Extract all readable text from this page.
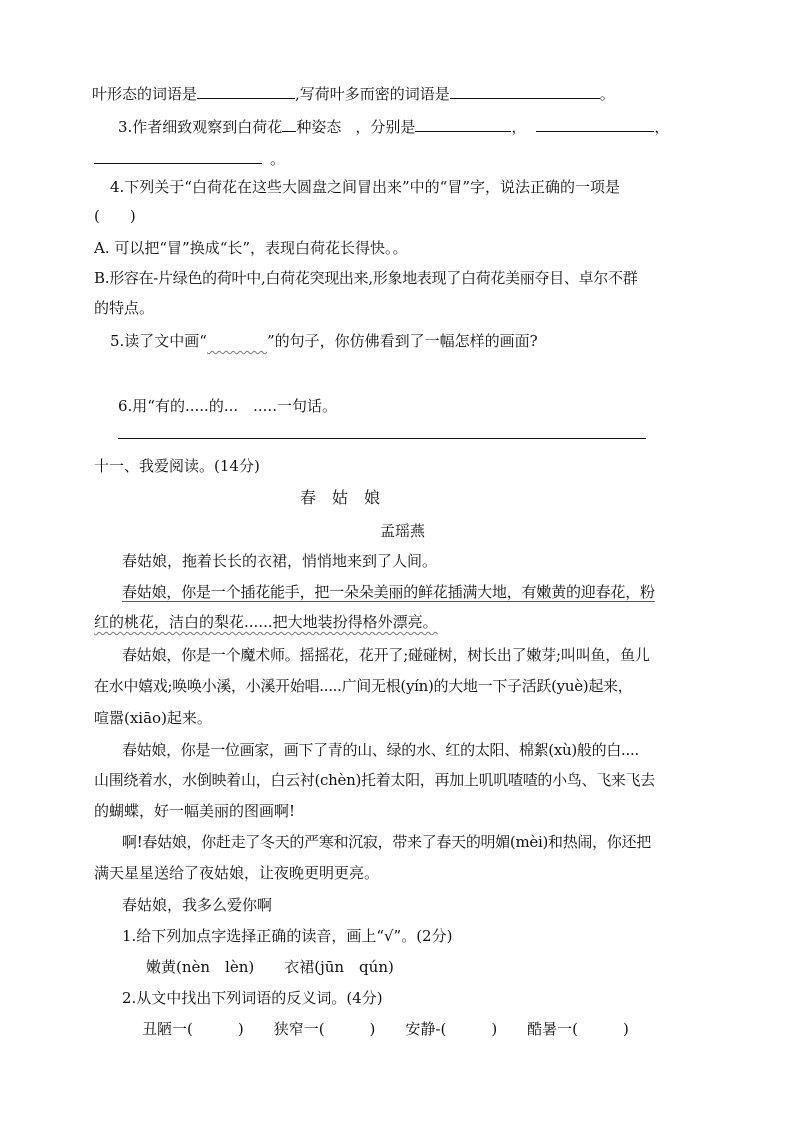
叶形态的词语是	,写荷叶多而密的词语是	。
3.作者细致观察到白荷花 种姿态 ，分别是	，	，
。
4.下列关于“白荷花在这些大圆盘之间冒出来”中的“冒”字，说法正确的一项是
(　　)
A. 可以把“冒”换成“长”，表现白荷花长得快。。
B.形容在-片绿色的荷叶中,白荷花突现出来,形象地表现了白荷花美丽夺目、卓尔不群
的特点。
5.读了文中画“　　　　	”的句子，你仿佛看到了一幅怎样的画面?
6.用“有的.....的...　.....一句话。
十一、我爱阅读。(14分)
春　姑　娘
孟瑶燕
春姑娘，拖着长长的衣裙，悄悄地来到了人间。
春姑娘，你是一个插花能手，把一朵朵美丽的鲜花插满大地，有嫩黄的迎春花，粉
红的桃花，洁白的梨花......把大地装扮得格外漂亮。
春姑娘，你是一个魔术师。摇摇花，花开了;碰碰树，树长出了嫩芽;叫叫鱼，鱼儿
在水中嬉戏;唤唤小溪，小溪开始唱.....广间无根(yín)的大地一下子活跃(yuè)起来，
喧嚣(xiāo)起来。
春姑娘，你是一位画家，画下了青的山、绿的水、红的太阳、棉絮(xù)般的白....
山围绕着水，水倒映着山，白云衬(chèn)托着太阳，再加上叽叽喳喳的小鸟、飞来飞去
的蝴蝶，好一幅美丽的图画啊!
啊!春姑娘，你赶走了冬天的严寒和沉寂，带来了春天的明媚(mèi)和热闹，你还把
满天星星送给了夜姑娘，让夜晚更明更亮。
春姑娘，我多么爱你啊
1.给下列加点字选择正确的读音，画上“√”。(2分)
嫩黄(nèn　lèn)　　衣裙(jūn　qún)
2.从文中找出下列词语的反义词。(4分)
丑陋一(　　　)　　狭窄一(　　　)　　安静-(　　　)　　酷暑一(　　　)
